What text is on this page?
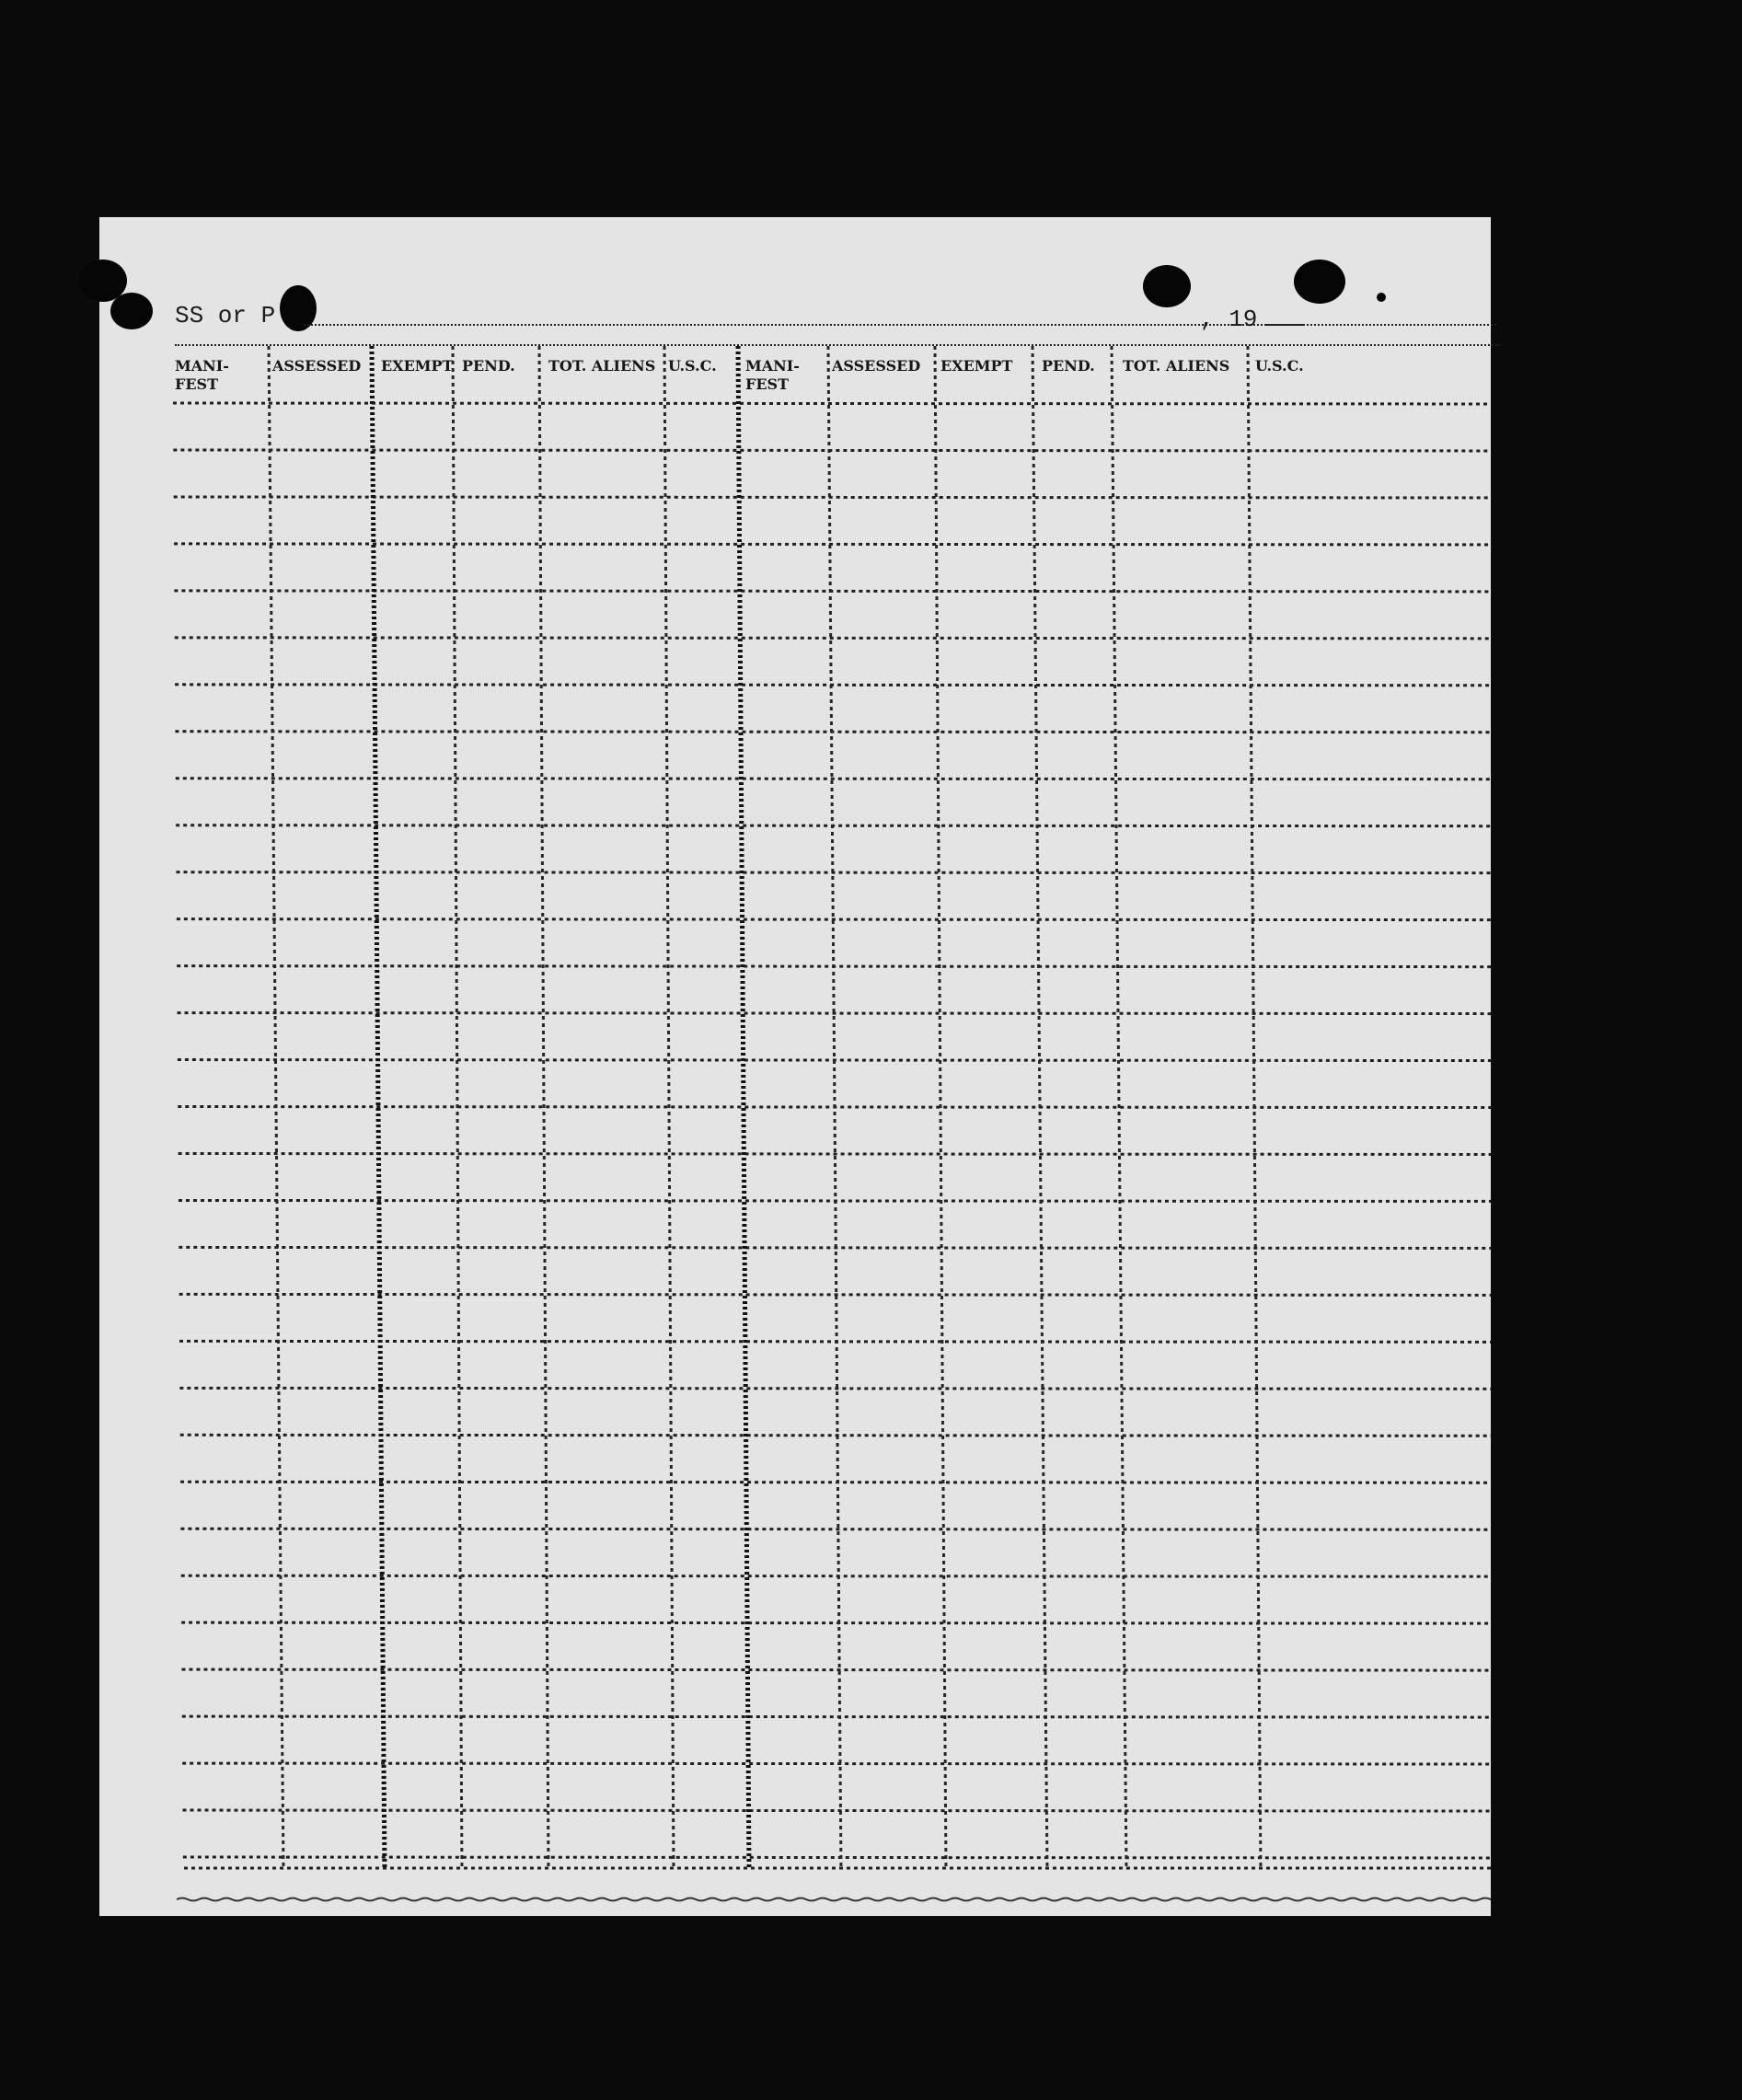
SS or P	, 19
MANI-
FEST
ASSESSED EXEMPT PEND. TOT. ALIENS U.S.C. MANI-
FEST
ASSESSED EXEMPT PEND. TOT. ALIENS U.S.C.
